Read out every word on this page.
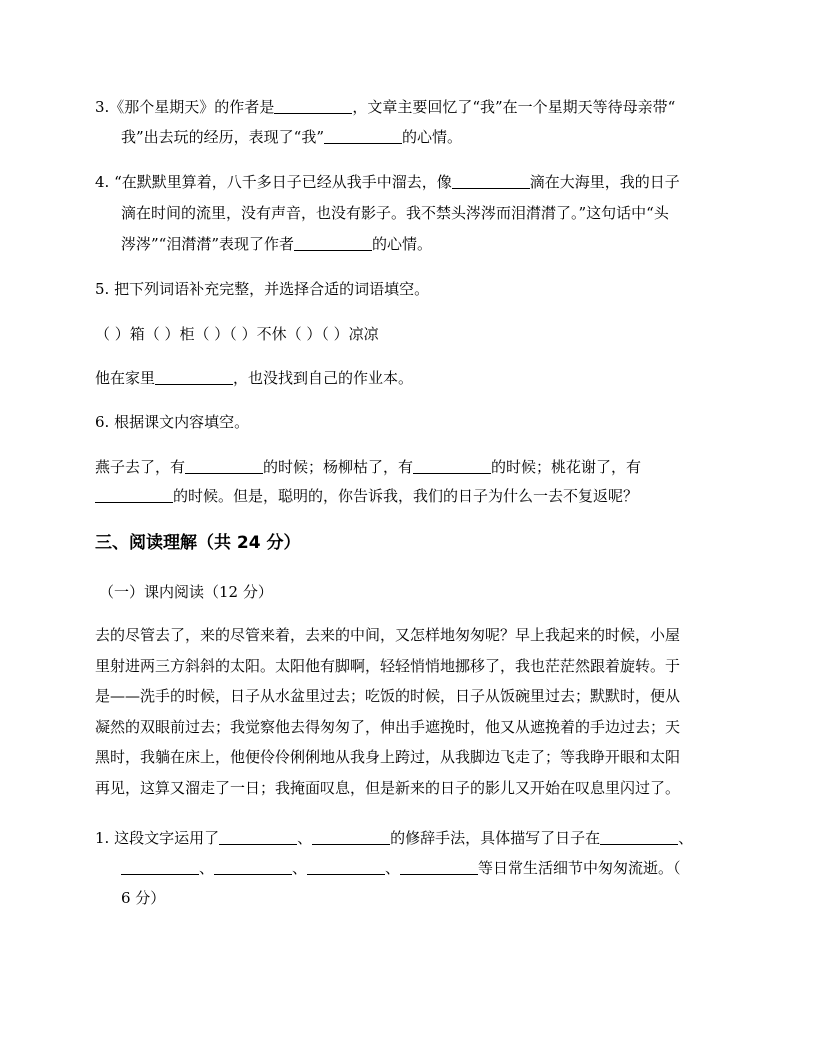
3.《那个星期天》的作者是	，文章主要回忆了“我”在一个星期天等待母亲带“
我”出去玩的经历，表现了“我”	的心情。
4. “在默默里算着，八千多日子已经从我手中溜去，像	滴在大海里，我的日子
滴在时间的流里，没有声音，也没有影子。我不禁头涔涔而泪潸潸了。”这句话中“头
涔涔”“泪潸潸”表现了作者	的心情。
5. 把下列词语补充完整，并选择合适的词语填空。
（ ）箱（ ）柜（ ）（ ）不休（ ）（ ）凉凉
他在家里	，也没找到自己的作业本。
6. 根据课文内容填空。
燕子去了，有	的时候；杨柳枯了，有	的时候；桃花谢了，有
的时候。但是，聪明的，你告诉我，我们的日子为什么一去不复返呢？
三、阅读理解（共 24 分）
（一）课内阅读（12 分）
去的尽管去了，来的尽管来着，去来的中间，又怎样地匆匆呢？早上我起来的时候，小屋
里射进两三方斜斜的太阳。太阳他有脚啊，轻轻悄悄地挪移了，我也茫茫然跟着旋转。于
是——洗手的时候，日子从水盆里过去；吃饭的时候，日子从饭碗里过去；默默时，便从
凝然的双眼前过去；我觉察他去得匆匆了，伸出手遮挽时，他又从遮挽着的手边过去；天
黑时，我躺在床上，他便伶伶俐俐地从我身上跨过，从我脚边飞走了；等我睁开眼和太阳
再见，这算又溜走了一日；我掩面叹息，但是新来的日子的影儿又开始在叹息里闪过了。
1. 这段文字运用了	、	的修辞手法，具体描写了日子在	、
、	、	、	等日常生活细节中匆匆流逝。（
6 分）
